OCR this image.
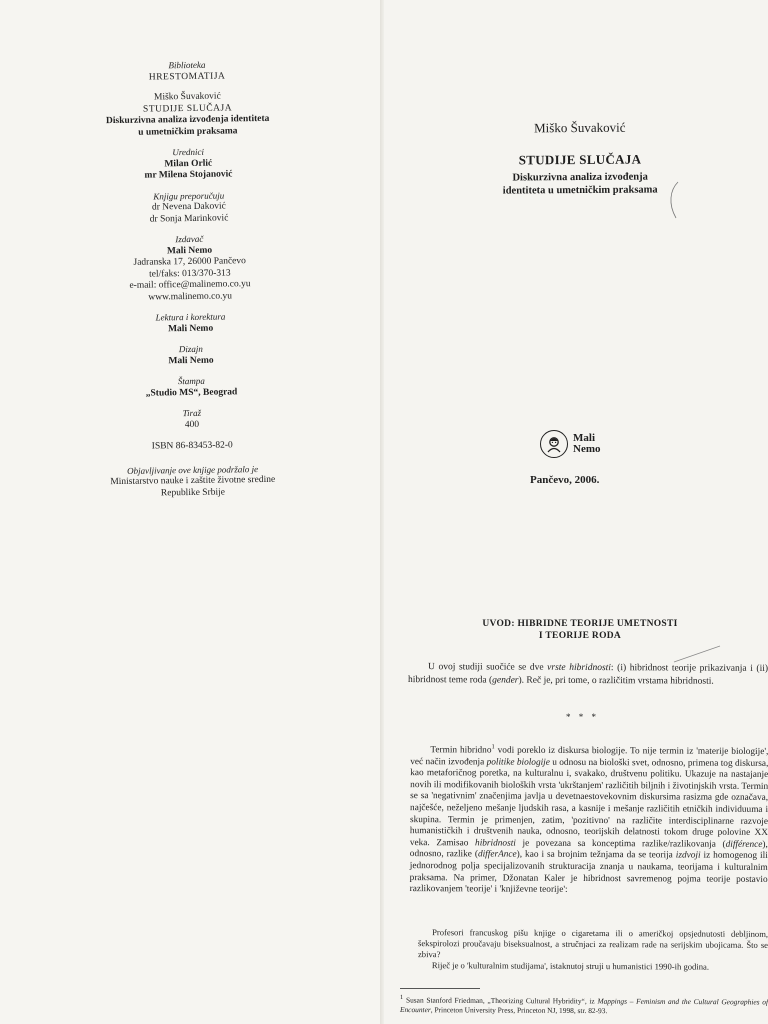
Biblioteka
HRESTOMATIJA
Miško Šuvaković
STUDIJE SLUČAJA
Diskurzivna analiza izvođenja identiteta
u umetničkim praksama
Urednici
Milan Orlić
mr Milena Stojanović
Knjigu preporučuju
dr Nevena Daković
dr Sonja Marinković
Izdavač
Mali Nemo
Jadranska 17, 26000 Pančevo
tel/faks: 013/370-313
e-mail: office@malinemo.co.yu
www.malinemo.co.yu
Lektura i korektura
Mali Nemo
Dizajn
Mali Nemo
Štampa
„Studio MS“, Beograd
Tiraž
400
ISBN 86-83453-82-0
Objavljivanje ove knjige podržalo je
Ministarstvo nauke i zaštite životne sredine
Republike Srbije
Miško Šuvaković
STUDIJE SLUČAJA
Diskurzivna analiza izvođenja
identiteta u umetničkim praksama
Mali
Nemo
Pančevo, 2006.
UVOD: HIBRIDNE TEORIJE UMETNOSTI
I TEORIJE RODA
U ovoj studiji suočiće se dve vrste hibridnosti: (i) hibridnost teorije prikazivanja i (ii) hibridnost teme roda (gender). Reč je, pri tome, o različitim vrstama hibridnosti.
* * *
Termin hibridno$^1$ vodi poreklo iz diskursa biologije. To nije termin iz 'materije biologije', već način izvođenja politike biologije u odnosu na biološki svet, odnosno, primena tog diskursa, kao metaforičnog poretka, na kulturalnu i, svakako, društvenu politiku. Ukazuje na nastajanje novih ili modifikovanih bioloških vrsta 'ukrštanjem' različitih biljnih i životinjskih vrsta. Termin se sa 'negativnim' značenjima javlja u devetnaestovekovnim diskursima rasizma gde označava, najčešće, neželjeno mešanje ljudskih rasa, a kasnije i mešanje različitih etničkih individuuma i skupina. Termin je primenjen, zatim, 'pozitivno' na različite interdisciplinarne razvoje humanističkih i društvenih nauka, odnosno, teorijskih delatnosti tokom druge polovine XX veka. Zamisao hibridnosti je povezana sa konceptima razlike/razlikovanja (différence), odnosno, razlike (differAnce), kao i sa brojnim težnjama da se teorija izdvoji iz homogenog ili jednorodnog polja specijalizovanih strukturacija znanja u naukama, teorijama i kulturalnim praksama. Na primer, Džonatan Kaler je hibridnost savremenog pojma teorije postavio razlikovanjem 'teorije' i 'književne teorije':

Profesori francuskog pišu knjige o cigaretama ili o američkoj opsjednutosti debljinom, šekspirolozi proučavaju biseksualnost, a stručnjaci za realizam rade na serijskim ubojicama. Što se zbiva?

Riječ je o 'kulturalnim studijama', istaknutoj struji u humanistici 1990-ih godina.

$^1$ Susan Stanford Friedman, „Theorizing Cultural Hybridity“, iz Mappings – Feminism and the Cultural Geographies of Encounter, Princeton University Press, Princeton NJ, 1998, str. 82-93.
